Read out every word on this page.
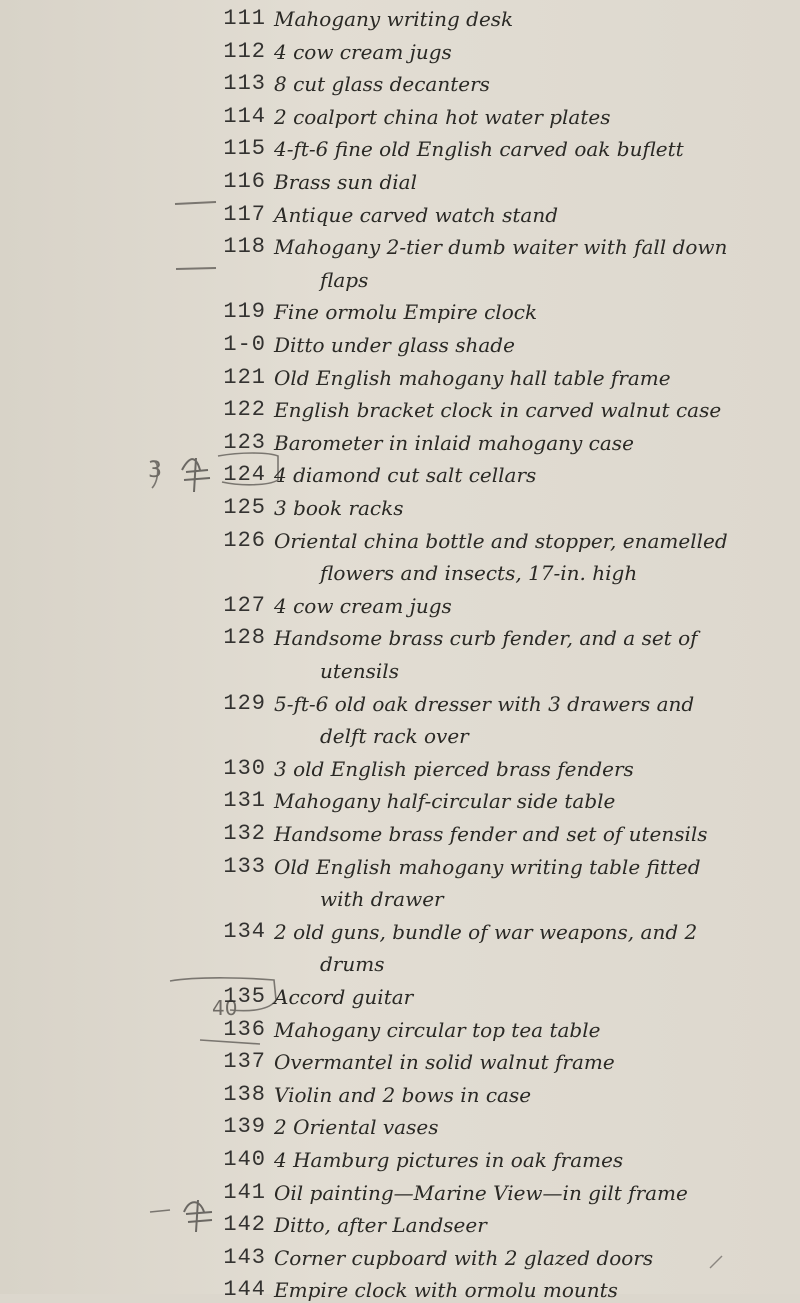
3
40
111 Mahogany writing desk
112 4 cow cream jugs
113 8 cut glass decanters
114 2 coalport china hot water plates
115 4-ft-6 fine old English carved oak buflett
116 Brass sun dial
117 Antique carved watch stand
118 Mahogany 2-tier dumb waiter with fall down
flaps
119 Fine ormolu Empire clock
1-0 Ditto under glass shade
121 Old English mahogany hall table frame
122 English bracket clock in carved walnut case
123 Barometer in inlaid mahogany case
124 4 diamond cut salt cellars
125 3 book racks
126 Oriental china bottle and stopper, enamelled
flowers and insects, 17-in. high
127 4 cow cream jugs
128 Handsome brass curb fender, and a set of
utensils
129 5-ft-6 old oak dresser with 3 drawers and
delft rack over
130 3 old English pierced brass fenders
131 Mahogany half-circular side table
132 Handsome brass fender and set of utensils
133 Old English mahogany writing table fitted
with drawer
134 2 old guns, bundle of war weapons, and 2
drums
135 Accord guitar
136 Mahogany circular top tea table
137 Overmantel in solid walnut frame
138 Violin and 2 bows in case
139 2 Oriental vases
140 4 Hamburg pictures in oak frames
141 Oil painting—Marine View—in gilt frame
142 Ditto, after Landseer
143 Corner cupboard with 2 glazed doors
144 Empire clock with ormolu mounts
